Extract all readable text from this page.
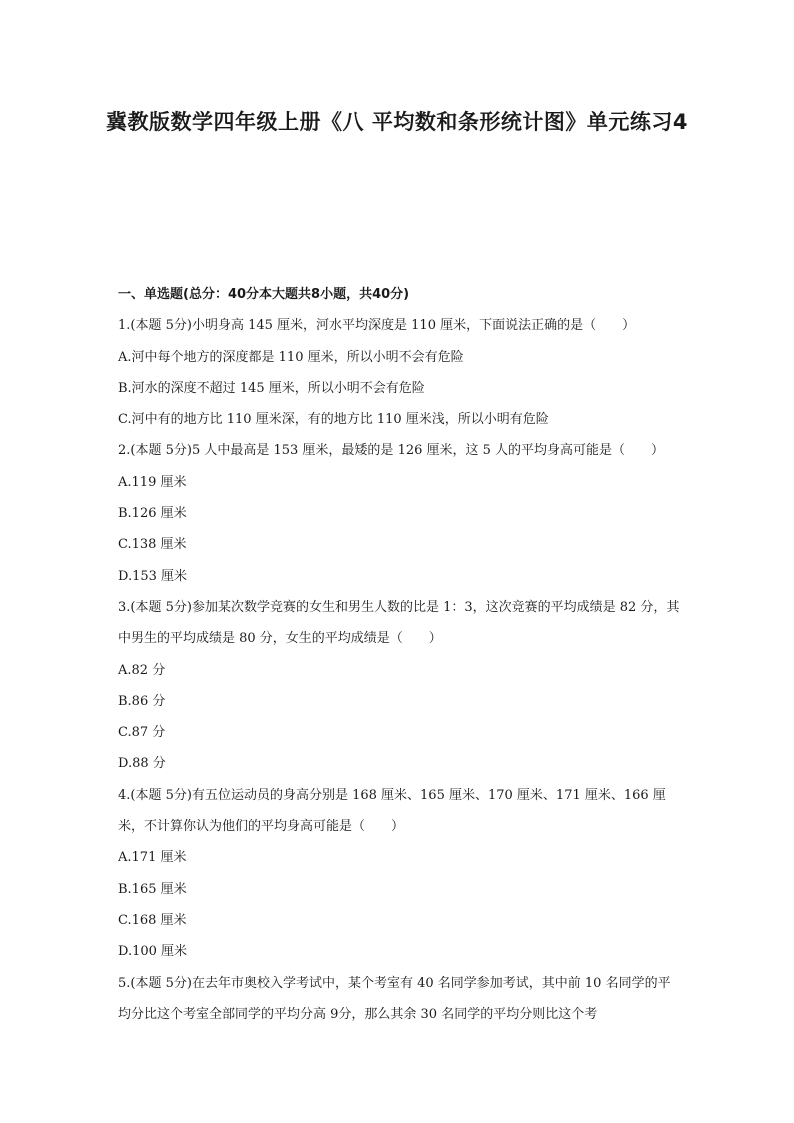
冀教版数学四年级上册《八 平均数和条形统计图》单元练习4
一、单选题(总分：40分本大题共8小题，共40分)
1.(本题 5分)小明身高 145 厘米，河水平均深度是 110 厘米，下面说法正确的是（　　）
A.河中每个地方的深度都是 110 厘米，所以小明不会有危险
B.河水的深度不超过 145 厘米，所以小明不会有危险
C.河中有的地方比 110 厘米深，有的地方比 110 厘米浅，所以小明有危险
2.(本题 5分)5 人中最高是 153 厘米，最矮的是 126 厘米，这 5 人的平均身高可能是（　　）
A.119 厘米
B.126 厘米
C.138 厘米
D.153 厘米
3.(本题 5分)参加某次数学竞赛的女生和男生人数的比是 1：3，这次竞赛的平均成绩是 82 分，其中男生的平均成绩是 80 分，女生的平均成绩是（　　）
A.82 分
B.86 分
C.87 分
D.88 分
4.(本题 5分)有五位运动员的身高分别是 168 厘米、165 厘米、170 厘米、171 厘米、166 厘米，不计算你认为他们的平均身高可能是（　　）
A.171 厘米
B.165 厘米
C.168 厘米
D.100 厘米
5.(本题 5分)在去年市奥校入学考试中，某个考室有 40 名同学参加考试，其中前 10 名同学的平均分比这个考室全部同学的平均分高 9分，那么其余 30 名同学的平均分则比这个考
